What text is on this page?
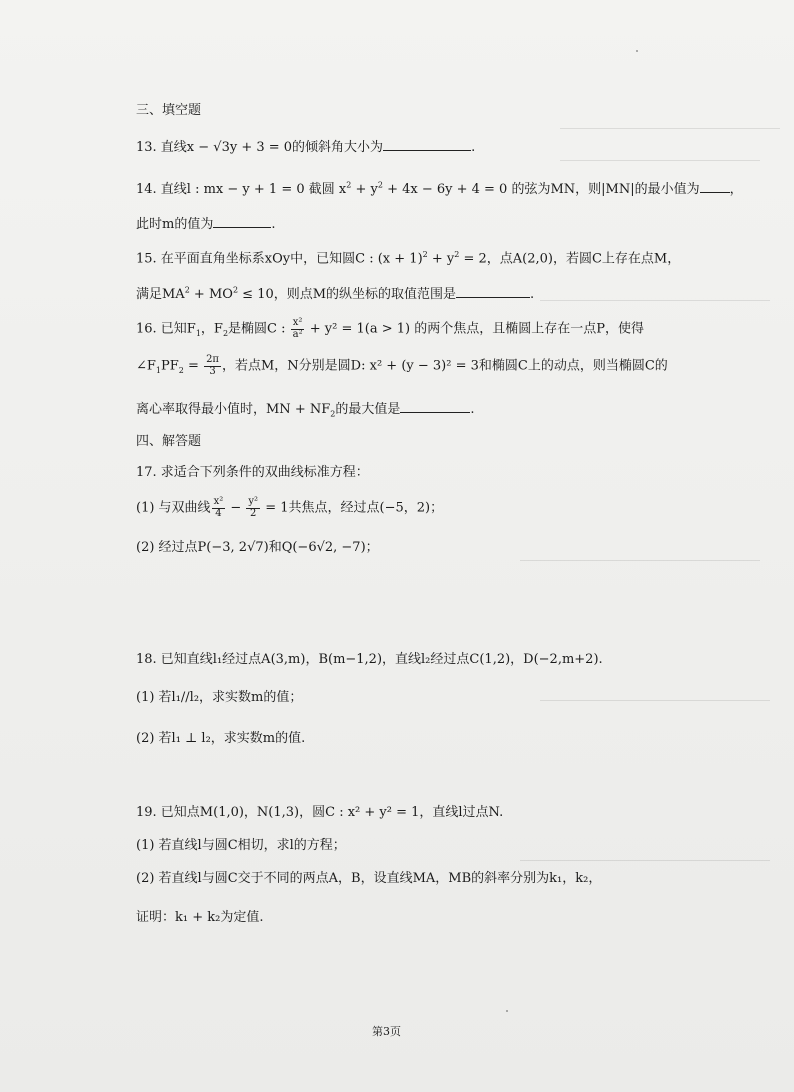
三、填空题
13. 直线x − √3y + 3 = 0的倾斜角大小为	.
14. 直线l : mx − y + 1 = 0 截圆 $x^2 + y^2 + 4x - 6y + 4 = 0$ 的弦为MN，则|MN|的最小值为 ，
此时m的值为	.
15. 在平面直角坐标系xOy中，已知圆C : $(x + 1)^2 + y^2 = 2$，点A(2,0)，若圆C上存在点M，
满足$MA^2 + MO^2 \le 10$，则点M的纵坐标的取值范围是	.
16. 已知$F_1$，$F_2$是椭圆C : $\frac{\text{x²}}{\text{a²}} + y^2 = 1(a > 1)$ 的两个焦点，且椭圆上存在一点P，使得
$\angle F_1PF_2 = \frac{2\pi}{3}$ ，若点M，N分别是圆D: x² + (y − 3)² = 3和椭圆C上的动点，则当椭圆C的
离心率取得最小值时，MN + $NF_2$的最大值是	.
四、解答题
17. 求适合下列条件的双曲线标准方程：
(1) 与双曲线 $\frac{\text{x²}}{4} - \frac{\text{y²}}{2} = 1$共焦点，经过点(−5，2)；
(2) 经过点P(−3, 2√7)和Q(−6√2, −7)；
18. 已知直线l₁经过点A(3,m)，B(m−1,2)，直线l₂经过点C(1,2)，D(−2,m+2).
(1) 若l₁//l₂，求实数m的值；
(2) 若l₁ ⊥ l₂，求实数m的值.
19. 已知点M(1,0)，N(1,3)，圆C : x² + y² = 1，直线l过点N.
(1) 若直线l与圆C相切，求l的方程；
(2) 若直线l与圆C交于不同的两点A，B，设直线MA，MB的斜率分别为k₁，k₂，
证明：k₁ + k₂为定值.
第3页
